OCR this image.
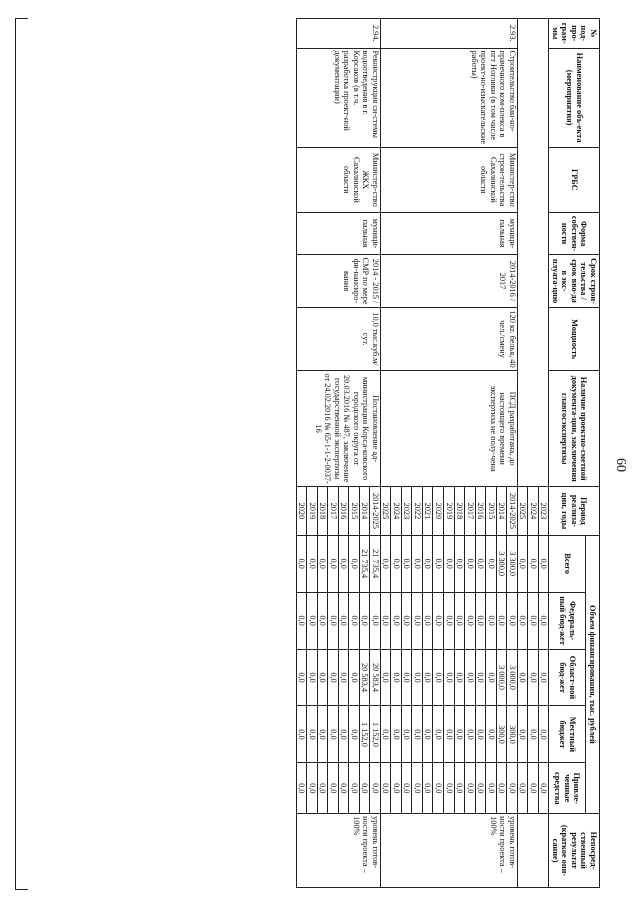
60
№ под-про-грам-мы	Наименование объ-екта (мероприятия)	ГРБС	Форма собствен-ности	Срок строи-тельства / срок вво-да в экс-плуата-цию	Мощность	Наличие проектно-сметной документа-ции, заключения главгосэкспертизы	Период реализа-ции, годы	Объем финансирования, тыс. рублей					Непосред-ственный результат (краткое опи-сание)
								Всего	Федераль-ный бюд-жет	Област-ной бюд-жет	Местный бюджет	Привле-ченные средства	
							2023	0,0	0,0	0,0	0,0	0,0	
							2024	0,0	0,0	0,0	0,0	0,0	
							2025	0,0	0,0	0,0	0,0	0,0	
2.93.	Строительство бан-но-прачечного ком-плекса в пгт Ноглики (в том числе проект-но-изыскательские работы)	Министер-ство строи-тельства Сахалинской области	муници-пальная	2014-2016 / 2017	120 кг. белья, 40 чел./смену	ПСД разработана, до настоящего времени экспертиза не полу-чена	2014-2025	3 300,0	0,0	3 000,0	300,0	0,0	уровень готов-ности проекта – 100%
							2014	3 300,0	0,0	3 000,0	300,0	0,0	
							2015	0,0	0,0	0,0	0,0	0,0	
							2016	0,0	0,0	0,0	0,0	0,0	
							2017	0,0	0,0	0,0	0,0	0,0	
							2018	0,0	0,0	0,0	0,0	0,0	
							2019	0,0	0,0	0,0	0,0	0,0	
							2020	0,0	0,0	0,0	0,0	0,0	
							2021	0,0	0,0	0,0	0,0	0,0	
							2022	0,0	0,0	0,0	0,0	0,0	
							2023	0,0	0,0	0,0	0,0	0,0	
							2024	0,0	0,0	0,0	0,0	0,0	
							2025	0,0	0,0	0,0	0,0	0,0	
2.94.	Реконструкция си-стемы водоотведения в г. Корсаков (в т.ч. разработка проект-ной документации)	Министер-ство ЖКХ Сахалинской области	муници-пальная	2014 - 2015 / СМР по мере фи-нансиро-вания	10,0 тыс.куб.м/сут.	Постановление ад-министрации Корса-ковского городского округа от 20.03.2016 № 487, заключение государственной экспертизы от 24.02.2016 № 65-1-1-2-0037-16	2014-2025	21 735,4	0,0	20 583,4	1 152,0	0,0	уровень готов-ности проекта – 100%
							2014	21 735,4	0,0	20 583,4	1 152,0	0,0	
							2015	0,0	0,0	0,0	0,0	0,0	
							2016	0,0	0,0	0,0	0,0	0,0	
							2017	0,0	0,0	0,0	0,0	0,0	
							2018	0,0	0,0	0,0	0,0	0,0	
							2019	0,0	0,0	0,0	0,0	0,0	
							2020	0,0	0,0	0,0	0,0	0,0	
